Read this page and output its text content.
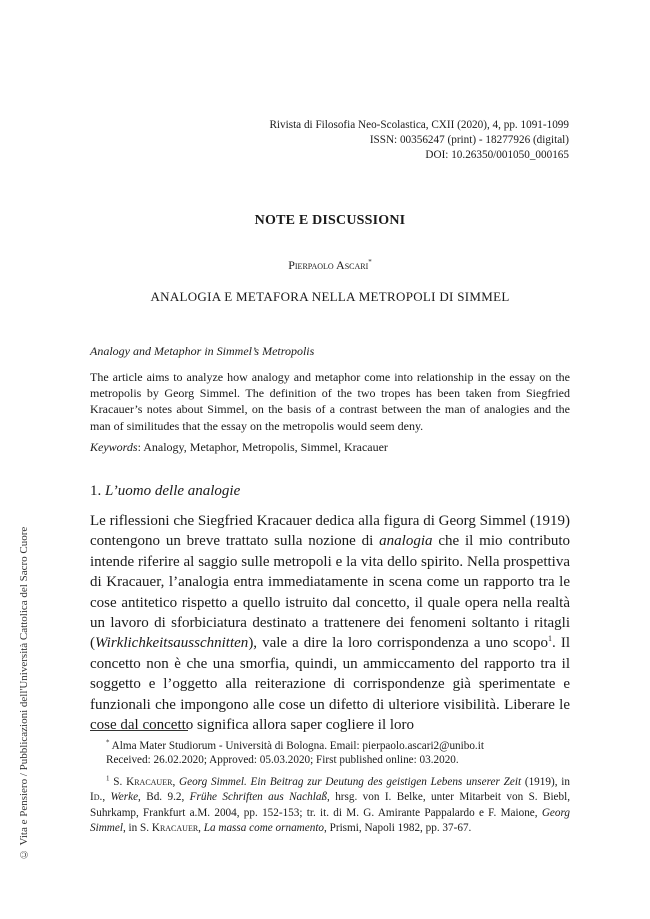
© Vita e Pensiero / Pubblicazioni dell'Università Cattolica del Sacro Cuore
Rivista di Filosofia Neo-Scolastica, CXII (2020), 4, pp. 1091-1099
ISSN: 00356247 (print) - 18277926 (digital)
DOI: 10.26350/001050_000165
NOTE E DISCUSSIONI
Pierpaolo Ascari*
ANALOGIA E METAFORA NELLA METROPOLI DI SIMMEL
Analogy and Metaphor in Simmel’s Metropolis

The article aims to analyze how analogy and metaphor come into relationship in the essay on the metropolis by Georg Simmel. The definition of the two tropes has been taken from Siegfried Kracauer’s notes about Simmel, on the basis of a contrast between the man of analogies and the man of similitudes that the essay on the metropolis would seem deny.

Keywords: Analogy, Metaphor, Metropolis, Simmel, Kracauer

1. L’uomo delle analogie

Le riflessioni che Siegfried Kracauer dedica alla figura di Georg Simmel (1919) contengono un breve trattato sulla nozione di analogia che il mio contributo intende riferire al saggio sulle metropoli e la vita dello spirito. Nella prospettiva di Kracauer, l’analogia entra immediatamente in scena come un rapporto tra le cose antitetico rispetto a quello istruito dal concetto, il quale opera nella realtà un lavoro di sforbiciatura destinato a trattenere dei fenomeni soltanto i ritagli (Wirklichkeitsausschnitten), vale a dire la loro corrispondenza a uno scopo$^1$. Il concetto non è che una smorfia, quindi, un ammiccamento del rapporto tra il soggetto e l’oggetto alla reiterazione di corrispondenze già sperimentate e funzionali che impongono alle cose un difetto di ulteriore visibilità. Liberare le cose dal concetto significa allora saper cogliere il loro

* Alma Mater Studiorum - Università di Bologna. Email: pierpaolo.ascari2@unibo.it
Received: 26.02.2020; Approved: 05.03.2020; First published online: 03.2020.

$^1$ S. Kracauer, Georg Simmel. Ein Beitrag zur Deutung des geistigen Lebens unserer Zeit (1919), in Id., Werke, Bd. 9.2, Frühe Schriften aus Nachlaß, hrsg. von I. Belke, unter Mitarbeit von S. Biebl, Suhrkamp, Frankfurt a.M. 2004, pp. 152-153; tr. it. di M. G. Amirante Pappalardo e F. Maione, Georg Simmel, in S. Kracauer, La massa come ornamento, Prismi, Napoli 1982, pp. 37-67.
